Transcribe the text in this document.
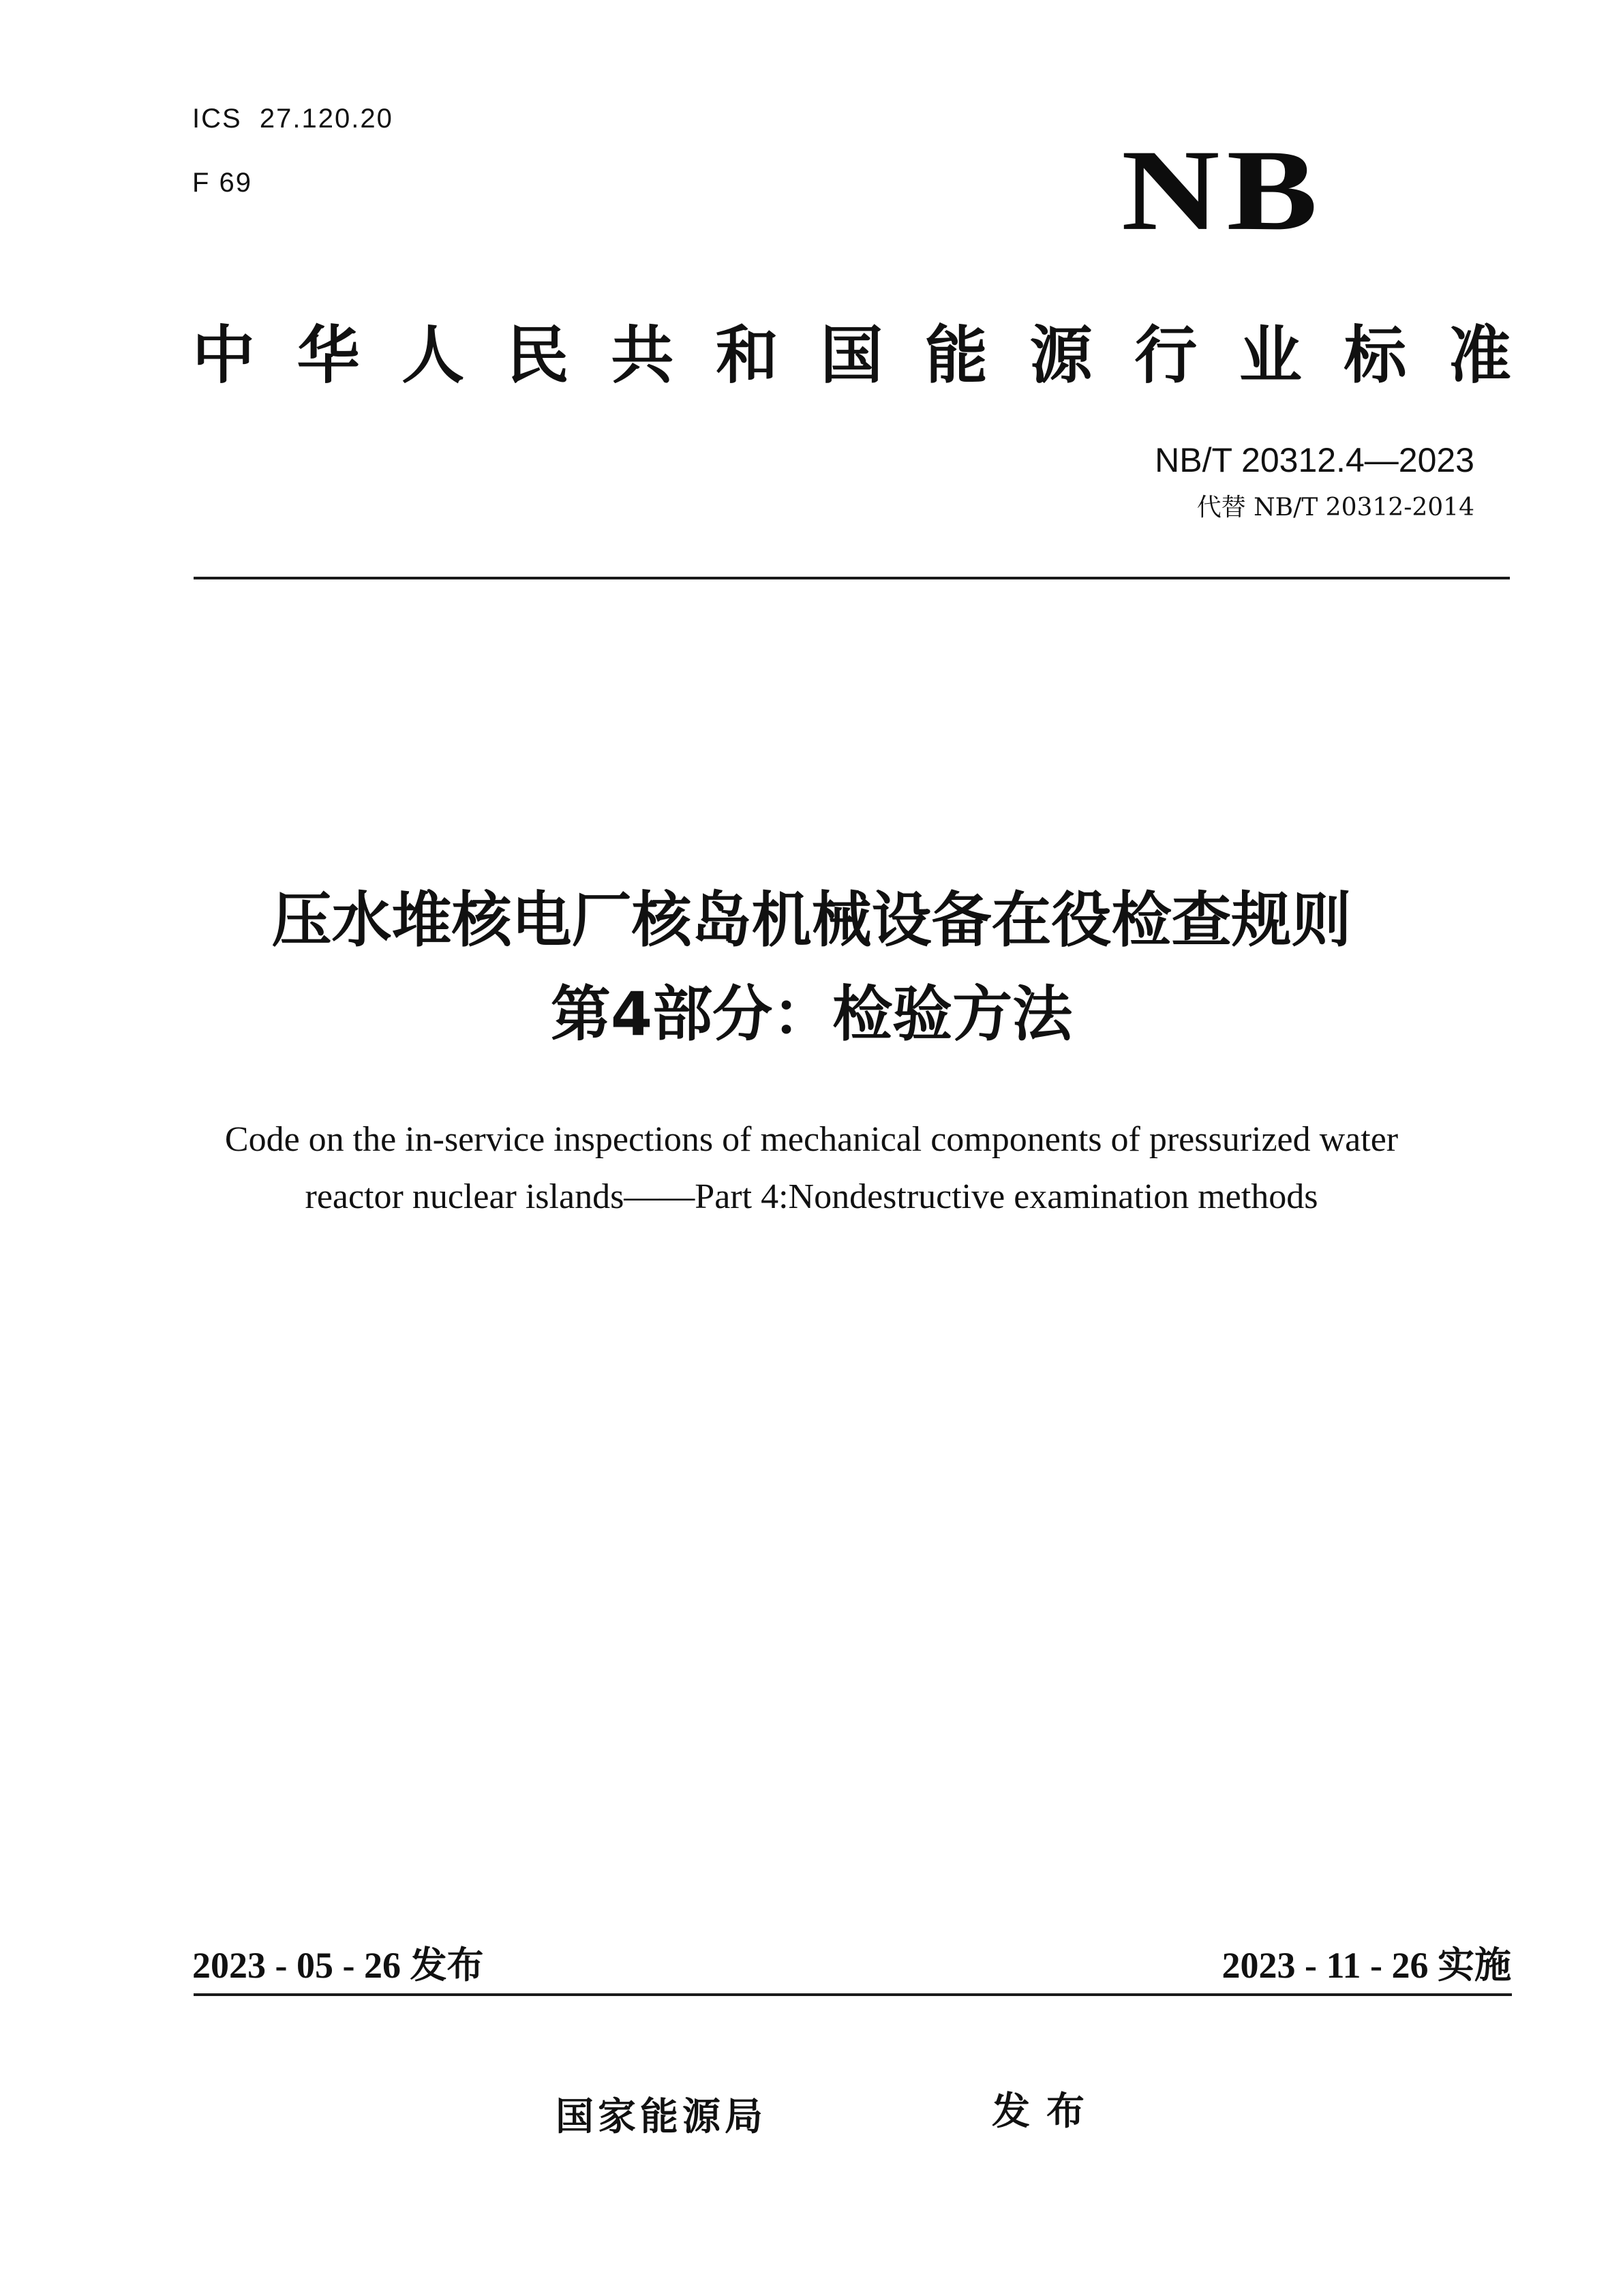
ICS  27.120.20
F 69	NB
中 华 人 民 共 和 国 能 源 行 业 标 准
NB/T 20312.4—2023
代替 NB/T 20312-2014
压水堆核电厂核岛机械设备在役检查规则
第4部分：检验方法
Code on the in-service inspections of mechanical components of pressurized water
reactor nuclear islands——Part 4:Nondestructive examination methods
2023 - 05 - 26 发布	2023 - 11 - 26 实施
国家能源局	发布
